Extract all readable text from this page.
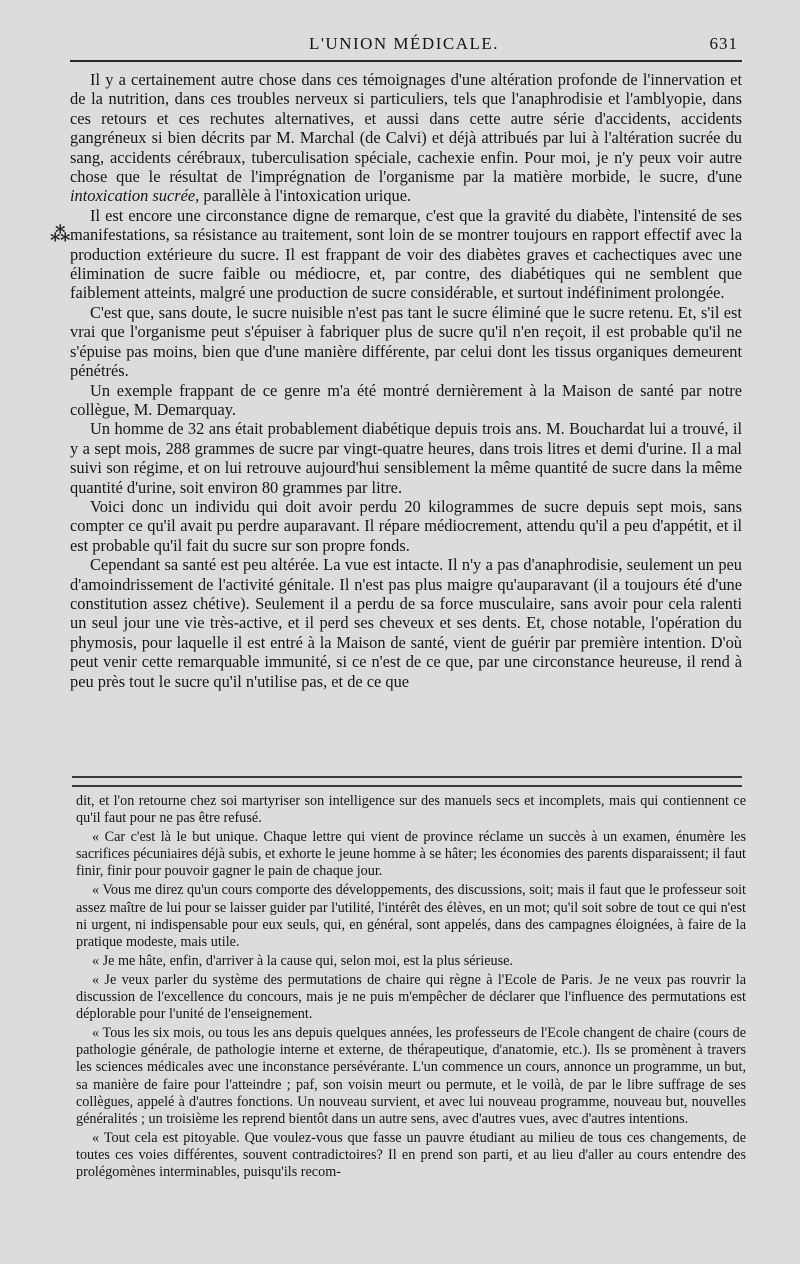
L'UNION MÉDICALE.	631
⁂

Il y a certainement autre chose dans ces témoignages d'une altération profonde de l'innervation et de la nutrition, dans ces troubles nerveux si particuliers, tels que l'anaphrodisie et l'amblyopie, dans ces retours et ces rechutes alternatives, et aussi dans cette autre série d'accidents, accidents gangréneux si bien décrits par M. Marchal (de Calvi) et déjà attribués par lui à l'altération sucrée du sang, accidents cérébraux, tuberculisation spéciale, cachexie enfin. Pour moi, je n'y peux voir autre chose que le résultat de l'imprégnation de l'organisme par la matière morbide, le sucre, d'une intoxication sucrée, parallèle à l'intoxication urique.

Il est encore une circonstance digne de remarque, c'est que la gravité du diabète, l'intensité de ses manifestations, sa résistance au traitement, sont loin de se montrer toujours en rapport effectif avec la production extérieure du sucre. Il est frappant de voir des diabètes graves et cachectiques avec une élimination de sucre faible ou médiocre, et, par contre, des diabétiques qui ne semblent que faiblement atteints, malgré une production de sucre considérable, et surtout indéfiniment prolongée.

C'est que, sans doute, le sucre nuisible n'est pas tant le sucre éliminé que le sucre retenu. Et, s'il est vrai que l'organisme peut s'épuiser à fabriquer plus de sucre qu'il n'en reçoit, il est probable qu'il ne s'épuise pas moins, bien que d'une manière différente, par celui dont les tissus organiques demeurent pénétrés.

Un exemple frappant de ce genre m'a été montré dernièrement à la Maison de santé par notre collègue, M. Demarquay.

Un homme de 32 ans était probablement diabétique depuis trois ans. M. Bouchardat lui a trouvé, il y a sept mois, 288 grammes de sucre par vingt-quatre heures, dans trois litres et demi d'urine. Il a mal suivi son régime, et on lui retrouve aujourd'hui sensiblement la même quantité de sucre dans la même quantité d'urine, soit environ 80 grammes par litre.

Voici donc un individu qui doit avoir perdu 20 kilogrammes de sucre depuis sept mois, sans compter ce qu'il avait pu perdre auparavant. Il répare médiocrement, attendu qu'il a peu d'appétit, et il est probable qu'il fait du sucre sur son propre fonds.

Cependant sa santé est peu altérée. La vue est intacte. Il n'y a pas d'anaphrodisie, seulement un peu d'amoindrissement de l'activité génitale. Il n'est pas plus maigre qu'auparavant (il a toujours été d'une constitution assez chétive). Seulement il a perdu de sa force musculaire, sans avoir pour cela ralenti un seul jour une vie très-active, et il perd ses cheveux et ses dents. Et, chose notable, l'opération du phymosis, pour laquelle il est entré à la Maison de santé, vient de guérir par première intention. D'où peut venir cette remarquable immunité, si ce n'est de ce que, par une circonstance heureuse, il rend à peu près tout le sucre qu'il n'utilise pas, et de ce que

dit, et l'on retourne chez soi martyriser son intelligence sur des manuels secs et incomplets, mais qui contiennent ce qu'il faut pour ne pas être refusé.

« Car c'est là le but unique. Chaque lettre qui vient de province réclame un succès à un examen, énumère les sacrifices pécuniaires déjà subis, et exhorte le jeune homme à se hâter; les économies des parents disparaissent; il faut finir, finir pour pouvoir gagner le pain de chaque jour.

« Vous me direz qu'un cours comporte des développements, des discussions, soit; mais il faut que le professeur soit assez maître de lui pour se laisser guider par l'utilité, l'intérêt des élèves, en un mot; qu'il soit sobre de tout ce qui n'est ni urgent, ni indispensable pour eux seuls, qui, en général, sont appelés, dans des campagnes éloignées, à faire de la pratique modeste, mais utile.

« Je me hâte, enfin, d'arriver à la cause qui, selon moi, est la plus sérieuse.

« Je veux parler du système des permutations de chaire qui règne à l'Ecole de Paris. Je ne veux pas rouvrir la discussion de l'excellence du concours, mais je ne puis m'empêcher de déclarer que l'influence des permutations est déplorable pour l'unité de l'enseignement.

« Tous les six mois, ou tous les ans depuis quelques années, les professeurs de l'Ecole changent de chaire (cours de pathologie générale, de pathologie interne et externe, de thérapeutique, d'anatomie, etc.). Ils se promènent à travers les sciences médicales avec une inconstance persévérante. L'un commence un cours, annonce un programme, un but, sa manière de faire pour l'atteindre ; paf, son voisin meurt ou permute, et le voilà, de par le libre suffrage de ses collègues, appelé à d'autres fonctions. Un nouveau survient, et avec lui nouveau programme, nouveau but, nouvelles généralités ; un troisième les reprend bientôt dans un autre sens, avec d'autres vues, avec d'autres intentions.

« Tout cela est pitoyable. Que voulez-vous que fasse un pauvre étudiant au milieu de tous ces changements, de toutes ces voies différentes, souvent contradictoires? Il en prend son parti, et au lieu d'aller au cours entendre des prolégomènes interminables, puisqu'ils recom-
